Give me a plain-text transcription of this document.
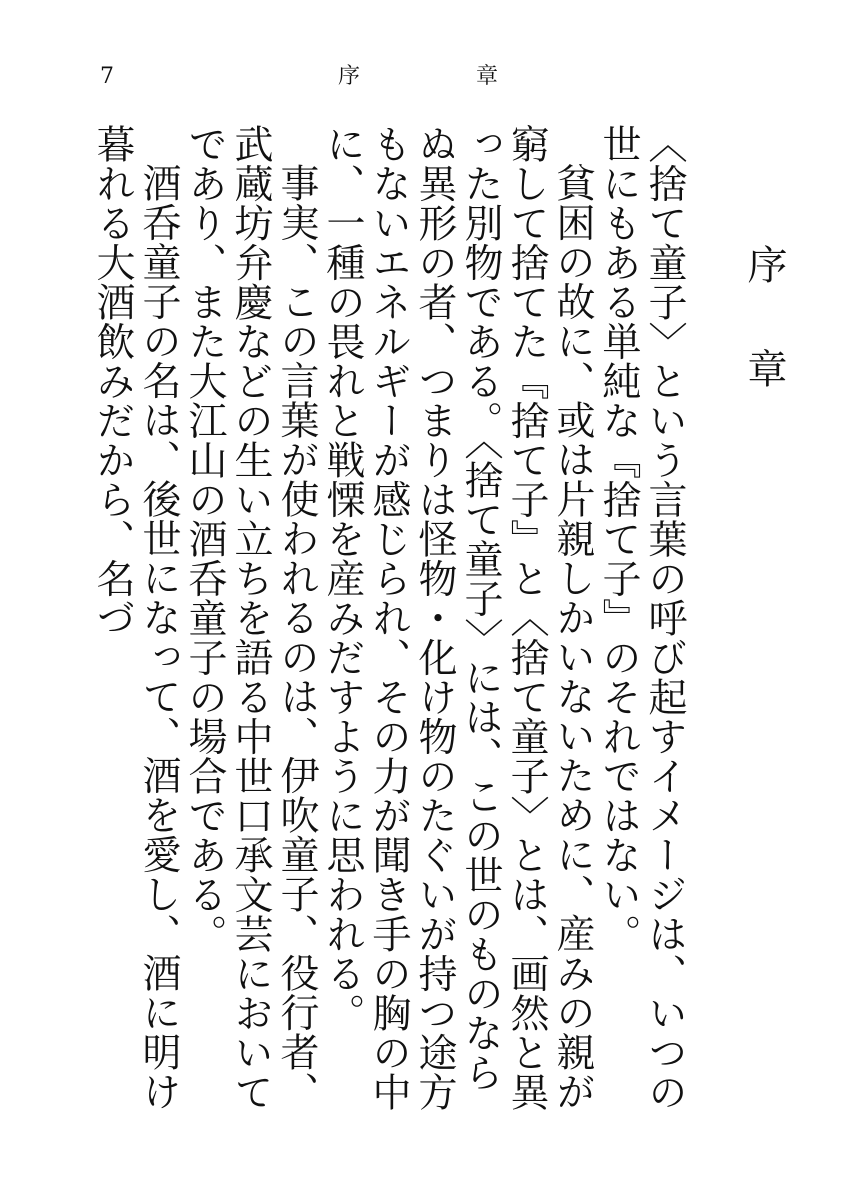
7	序	章
序　章

〈捨て童子〉という言葉の呼び起すイメージは、いつの世にもある単純な『捨て子』のそれではない。

貧困の故に、或は片親しかいないために、産みの親が窮して捨てた『捨て子』と〈捨て童子〉とは、画然と異った別物である。〈捨て童子〉には、この世のものならぬ異形の者、つまりは怪物・化け物のたぐいが持つ途方もないエネルギーが感じられ、その力が聞き手の胸の中に、一種の畏れと戦慄を産みだすように思われる。

事実、この言葉が使われるのは、伊吹童子、役行者、武蔵坊弁慶などの生い立ちを語る中世口承文芸においてであり、また大江山の酒呑童子の場合である。

酒呑童子の名は、後世になって、酒を愛し、酒に明け暮れる大酒飲みだから、名づ
